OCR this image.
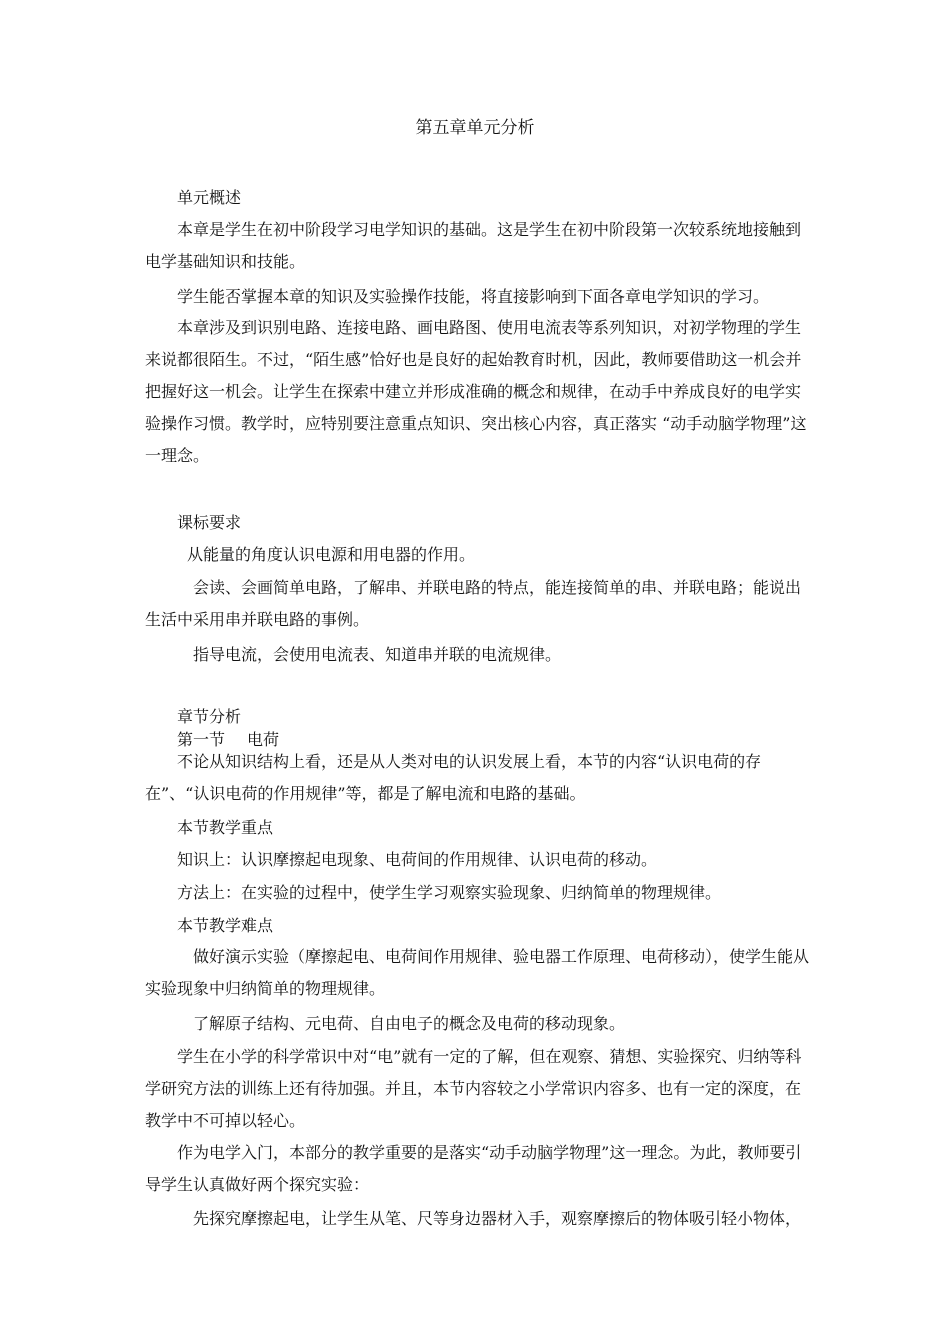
第五章单元分析

单元概述

本章是学生在初中阶段学习电学知识的基础。这是学生在初中阶段第一次较系统地接触到电学基础知识和技能。

学生能否掌握本章的知识及实验操作技能，将直接影响到下面各章电学知识的学习。

本章涉及到识别电路、连接电路、画电路图、使用电流表等系列知识，对初学物理的学生来说都很陌生。不过，“陌生感”恰好也是良好的起始教育时机，因此，教师要借助这一机会并把握好这一机会。让学生在探索中建立并形成准确的概念和规律，在动手中养成良好的电学实验操作习惯。教学时，应特别要注意重点知识、突出核心内容，真正落实 “动手动脑学物理”这一理念。

课标要求

从能量的角度认识电源和用电器的作用。

会读、会画简单电路，了解串、并联电路的特点，能连接简单的串、并联电路；能说出生活中采用串并联电路的事例。

指导电流，会使用电流表、知道串并联的电流规律。

章节分析

第一节 电荷

不论从知识结构上看，还是从人类对电的认识发展上看，本节的内容“认识电荷的存在”、“认识电荷的作用规律”等，都是了解电流和电路的基础。

本节教学重点

知识上：认识摩擦起电现象、电荷间的作用规律、认识电荷的移动。

方法上：在实验的过程中，使学生学习观察实验现象、归纳简单的物理规律。

本节教学难点

做好演示实验（摩擦起电、电荷间作用规律、验电器工作原理、电荷移动），使学生能从实验现象中归纳简单的物理规律。

了解原子结构、元电荷、自由电子的概念及电荷的移动现象。

学生在小学的科学常识中对“电”就有一定的了解，但在观察、猜想、实验探究、归纳等科学研究方法的训练上还有待加强。并且，本节内容较之小学常识内容多、也有一定的深度，在教学中不可掉以轻心。

作为电学入门，本部分的教学重要的是落实“动手动脑学物理”这一理念。为此，教师要引导学生认真做好两个探究实验：

先探究摩擦起电，让学生从笔、尺等身边器材入手，观察摩擦后的物体吸引轻小物体，
